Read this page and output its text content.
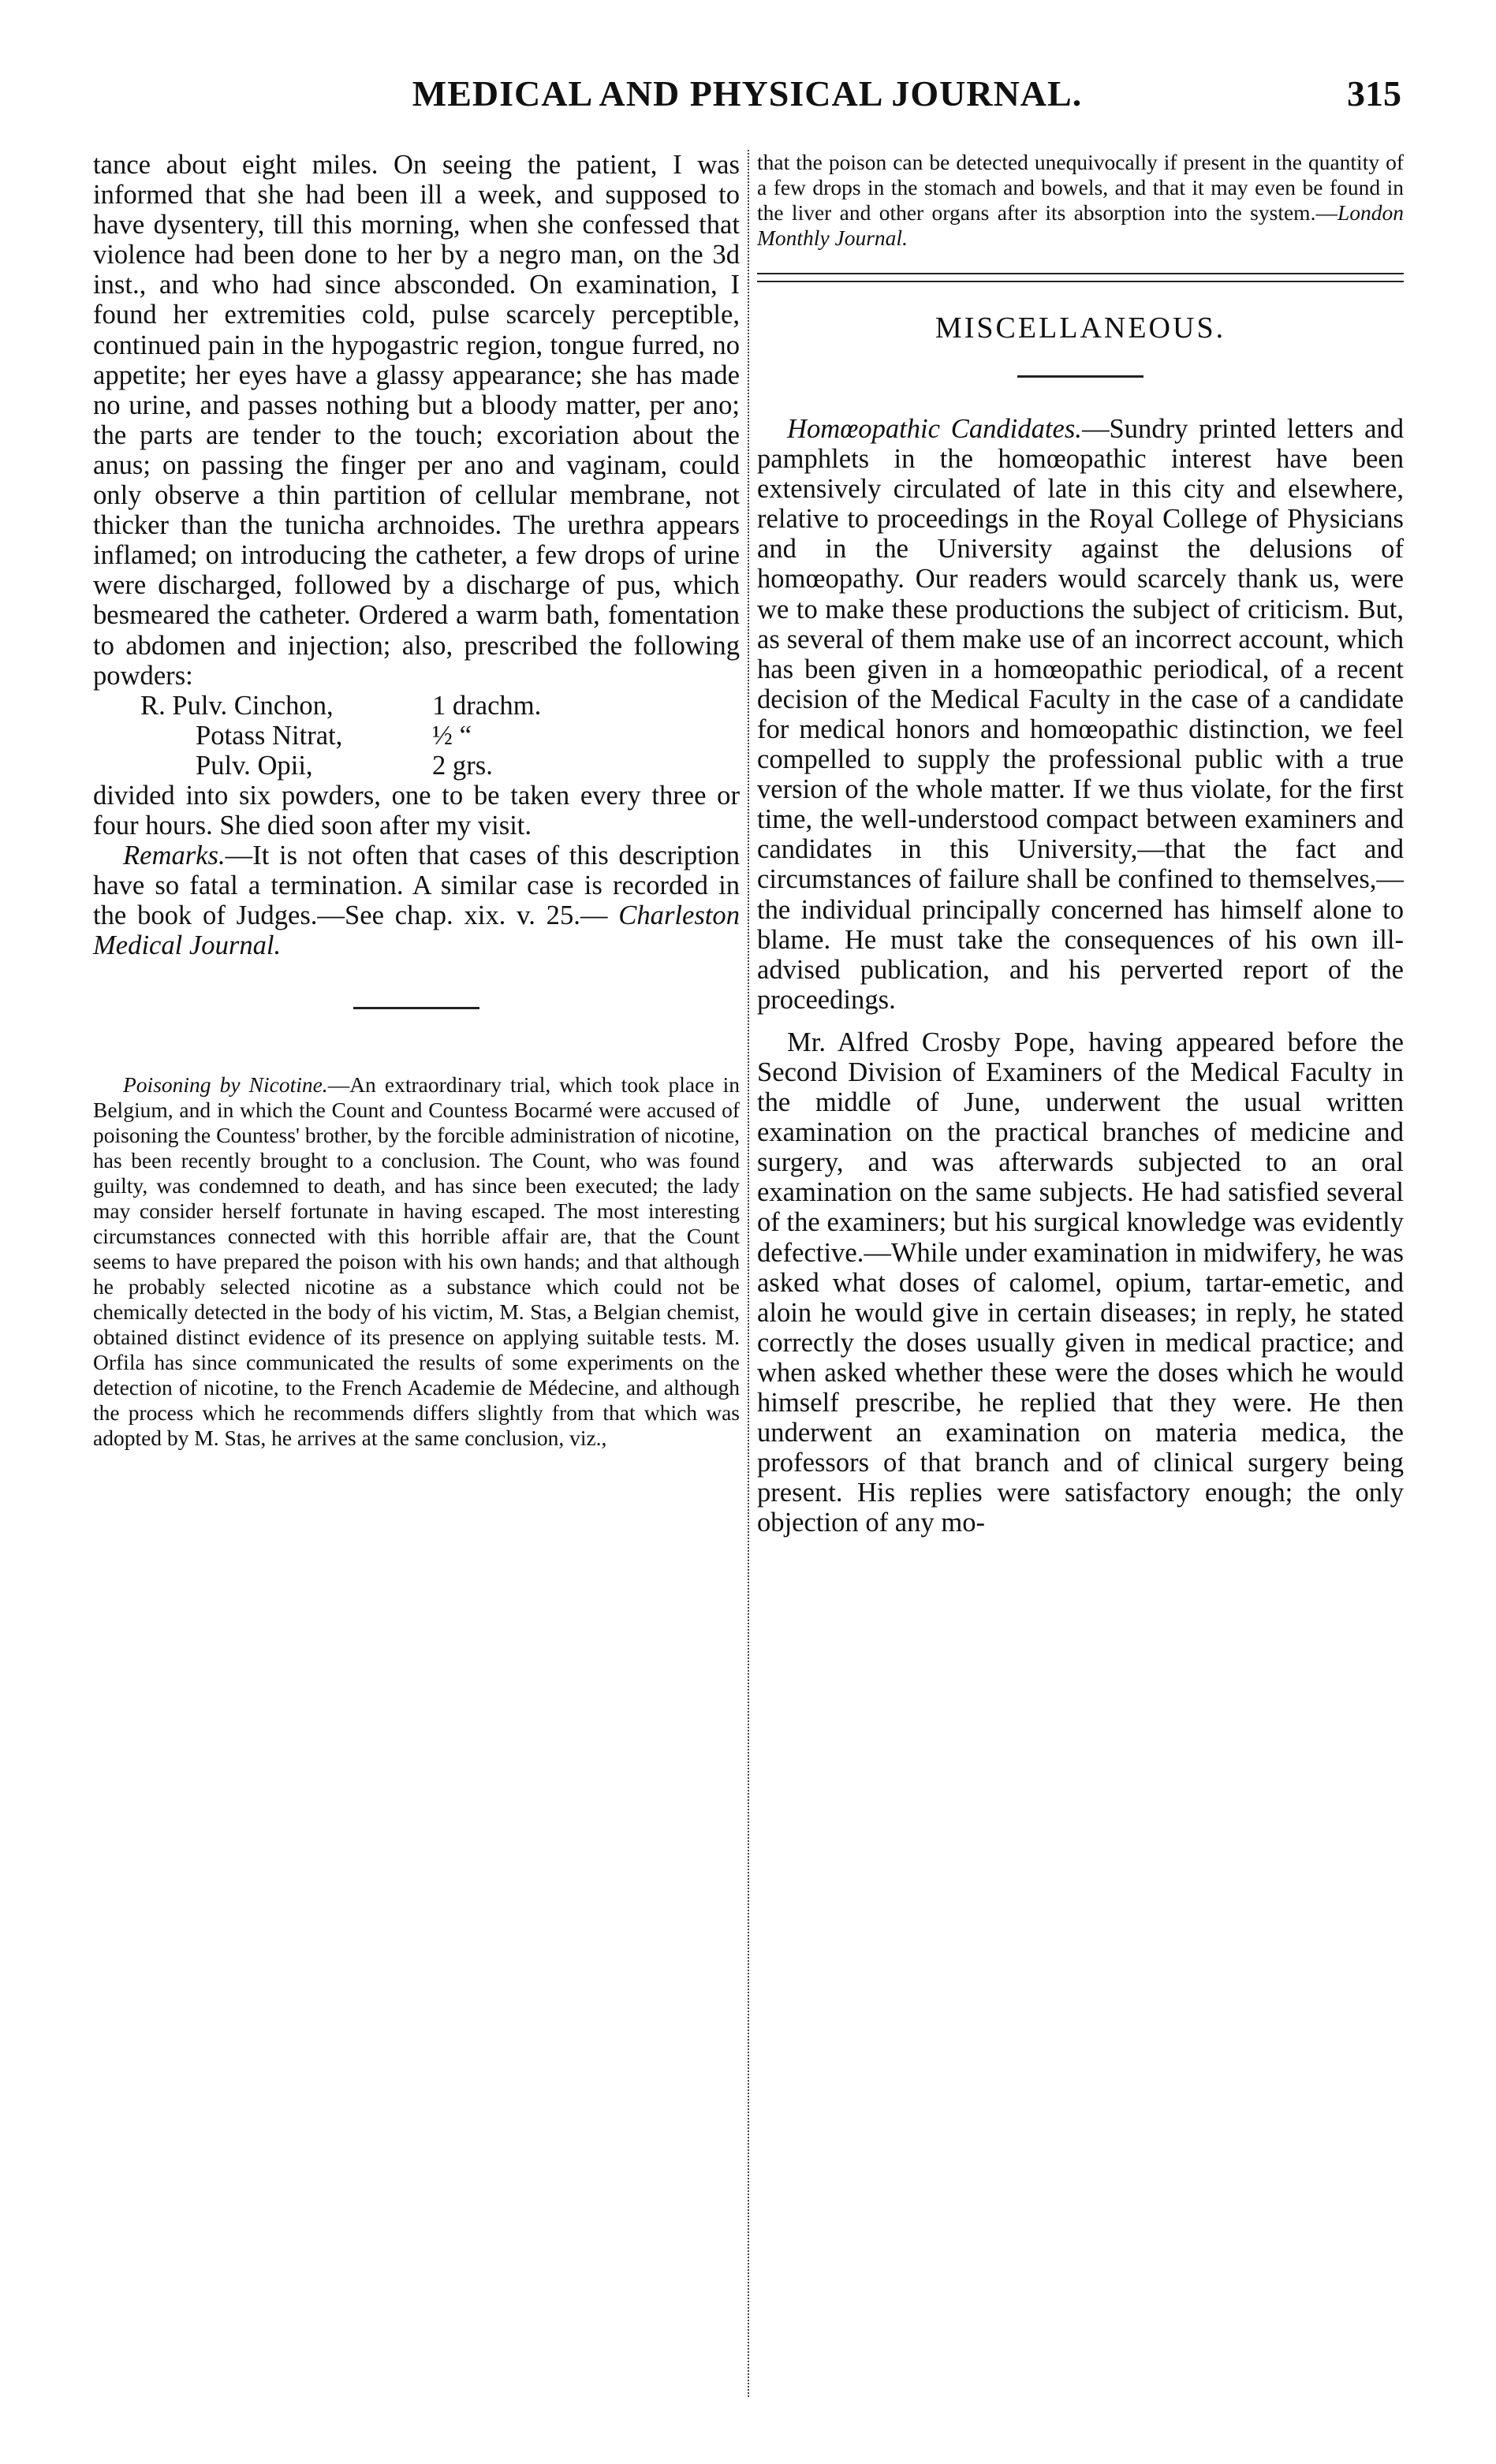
MEDICAL AND PHYSICAL JOURNAL.	315

tance about eight miles. On seeing the patient, I was informed that she had been ill a week, and supposed to have dysentery, till this morning, when she confessed that violence had been done to her by a negro man, on the 3d inst., and who had since absconded. On examination, I found her extremities cold, pulse scarcely perceptible, continued pain in the hypogastric region, tongue furred, no appetite; her eyes have a glassy appearance; she has made no urine, and passes nothing but a bloody matter, per ano; the parts are tender to the touch; excoriation about the anus; on passing the finger per ano and vaginam, could only observe a thin partition of cellular membrane, not thicker than the tunicha archnoides. The urethra appears inflamed; on introducing the catheter, a few drops of urine were discharged, followed by a discharge of pus, which besmeared the catheter. Ordered a warm bath, fomentation to abdomen and injection; also, prescribed the following powders:

R. Pulv. Cinchon,	1 drachm.
Potass Nitrat,	½ “
Pulv. Opii,	2 grs.

divided into six powders, one to be taken every three or four hours. She died soon after my visit.

Remarks.—It is not often that cases of this description have so fatal a termination. A similar case is recorded in the book of Judges.—See chap. xix. v. 25.— Charleston Medical Journal.

Poisoning by Nicotine.—An extraordinary trial, which took place in Belgium, and in which the Count and Countess Bocarmé were accused of poisoning the Countess' brother, by the forcible administration of nicotine, has been recently brought to a conclusion. The Count, who was found guilty, was condemned to death, and has since been executed; the lady may consider herself fortunate in having escaped. The most interesting circumstances connected with this horrible affair are, that the Count seems to have prepared the poison with his own hands; and that although he probably selected nicotine as a substance which could not be chemically detected in the body of his victim, M. Stas, a Belgian chemist, obtained distinct evidence of its presence on applying suitable tests. M. Orfila has since communicated the results of some experiments on the detection of nicotine, to the French Academie de Médecine, and although the process which he recommends differs slightly from that which was adopted by M. Stas, he arrives at the same conclusion, viz.,

that the poison can be detected unequivocally if present in the quantity of a few drops in the stomach and bowels, and that it may even be found in the liver and other organs after its absorption into the system.—London Monthly Journal.

MISCELLANEOUS.

Homœopathic Candidates.—Sundry printed letters and pamphlets in the homœopathic interest have been extensively circulated of late in this city and elsewhere, relative to proceedings in the Royal College of Physicians and in the University against the delusions of homœopathy. Our readers would scarcely thank us, were we to make these productions the subject of criticism. But, as several of them make use of an incorrect account, which has been given in a homœopathic periodical, of a recent decision of the Medical Faculty in the case of a candidate for medical honors and homœopathic distinction, we feel compelled to supply the professional public with a true version of the whole matter. If we thus violate, for the first time, the well-understood compact between examiners and candidates in this University,—that the fact and circumstances of failure shall be confined to themselves,—the individual principally concerned has himself alone to blame. He must take the consequences of his own ill-advised publication, and his perverted report of the proceedings.

Mr. Alfred Crosby Pope, having appeared before the Second Division of Examiners of the Medical Faculty in the middle of June, underwent the usual written examination on the practical branches of medicine and surgery, and was afterwards subjected to an oral examination on the same subjects. He had satisfied several of the examiners; but his surgical knowledge was evidently defective.—While under examination in midwifery, he was asked what doses of calomel, opium, tartar-emetic, and aloin he would give in certain diseases; in reply, he stated correctly the doses usually given in medical practice; and when asked whether these were the doses which he would himself prescribe, he replied that they were. He then underwent an examination on materia medica, the professors of that branch and of clinical surgery being present. His replies were satisfactory enough; the only objection of any mo-
